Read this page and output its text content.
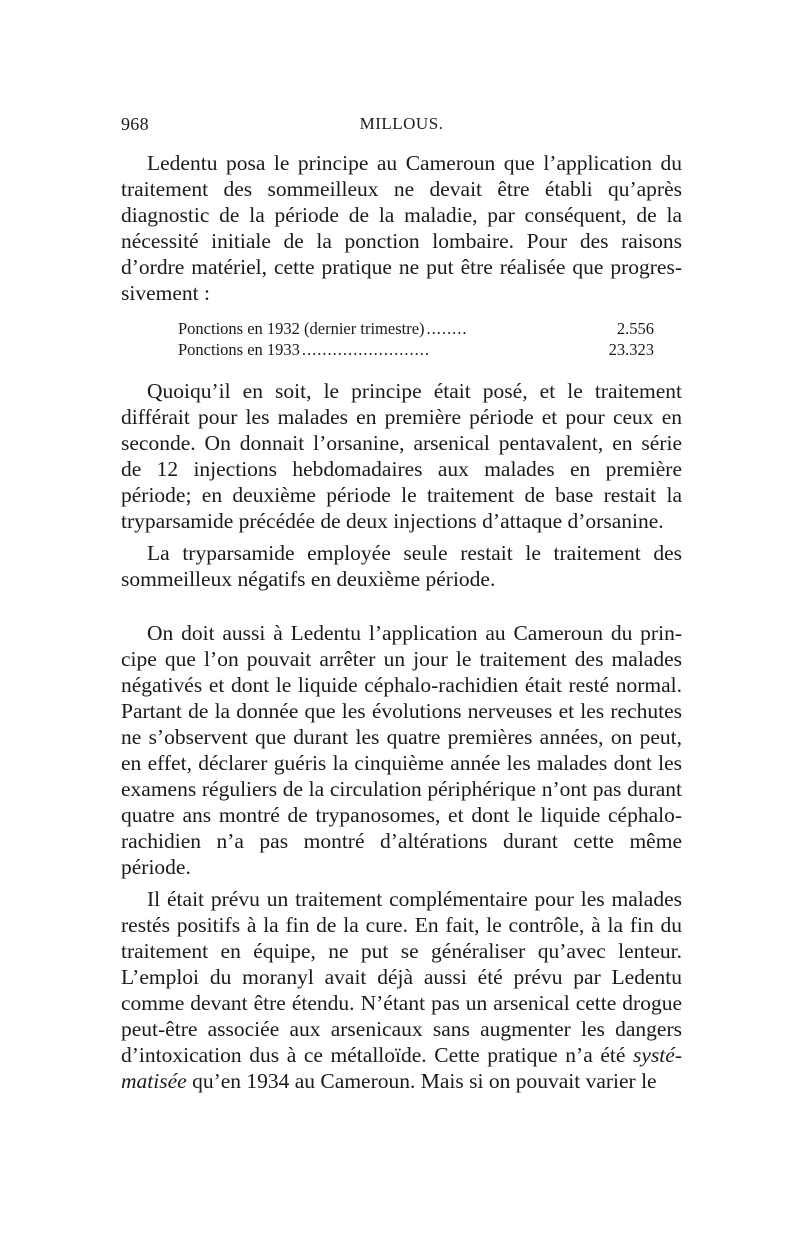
968	MILLOUS.

Ledentu posa le principe au Cameroun que l’application du traitement des sommeilleux ne devait être établi qu’après diagnostic de la période de la maladie, par conséquent, de la nécessité initiale de la ponction lombaire. Pour des raisons d’ordre matériel, cette pratique ne put être réalisée que progressivement :

Ponctions en 1932 (dernier trimestre) ........	2.556
Ponctions en 1933 .........................	23.323

Quoiqu’il en soit, le principe était posé, et le traitement différait pour les malades en première période et pour ceux en seconde. On donnait l’orsanine, arsenical pentavalent, en série de 12 injections hebdomadaires aux malades en première période; en deuxième période le traitement de base restait la tryparsamide précédée de deux injections d’attaque d’orsanine.

La tryparsamide employée seule restait le traitement des sommeilleux négatifs en deuxième période.

On doit aussi à Ledentu l’application au Cameroun du principe que l’on pouvait arrêter un jour le traitement des malades négativés et dont le liquide céphalo-rachidien était resté normal. Partant de la donnée que les évolutions nerveuses et les rechutes ne s’observent que durant les quatre premières années, on peut, en effet, déclarer guéris la cinquième année les malades dont les examens réguliers de la circulation périphérique n’ont pas durant quatre ans montré de trypanosomes, et dont le liquide céphalo-rachidien n’a pas montré d’altérations durant cette même période.

Il était prévu un traitement complémentaire pour les malades restés positifs à la fin de la cure. En fait, le contrôle, à la fin du traitement en équipe, ne put se généraliser qu’avec lenteur. L’emploi du moranyl avait déjà aussi été prévu par Ledentu comme devant être étendu. N’étant pas un arsenical cette drogue peut-être associée aux arsenicaux sans augmenter les dangers d’intoxication dus à ce métalloïde. Cette pratique n’a été systématisée qu’en 1934 au Cameroun. Mais si on pouvait varier le
